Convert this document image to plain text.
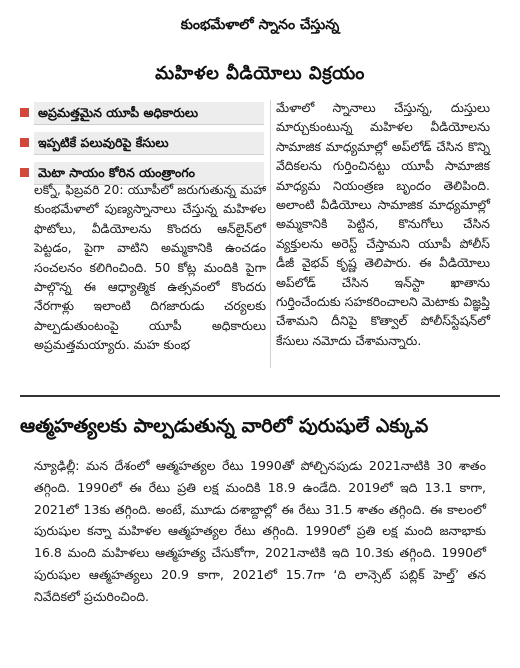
కుంభమేళాలో స్నానం చేస్తున్న
మహిళల వీడియోలు విక్రయం
అప్రమత్తమైన యూపీ అధికారులు
ఇప్పటికే పలువురిపై కేసులు
మెటా సాయం కోరిన యంత్రాంగం
లక్నో, ఫిబ్రవరి 20: యూపీలో జరుగుతున్న మహా కుంభమేళాలో పుణ్యస్నానాలు చేస్తున్న మహిళల ఫొటోలు, వీడియోలను కొందరు ఆన్‌లైన్‌లో పెట్టడం, పైగా వాటిని అమ్మకానికి ఉంచడం సంచలనం కలిగించింది. 50 కోట్ల మందికి పైగా పాల్గొన్న ఈ ఆధ్యాత్మిక ఉత్సవంలో కొందరు నేరగాళ్లు ఇలాంటి దిగజారుడు చర్యలకు పాల్పడుతుంటంపై యూపీ అధికారులు అప్రమత్తమయ్యారు. మహ కుంభ
మేళాలో స్నానాలు చేస్తున్న, దుస్తులు మార్చుకుంటున్న మహిళల వీడియోలను సామాజిక మాధ్యమాల్లో అప్‌లోడ్ చేసిన కొన్ని వేదికలను గుర్తించినట్టు యూపీ సామాజిక మాధ్యమ నియంత్రణ బృందం తెలిపింది. అలాంటి వీడియోలు సామాజిక మాధ్యమాల్లో అమ్మకానికి పెట్టిన, కొనుగోలు చేసిన వ్యక్తులను అరెస్ట్ చేస్తామని యూపీ పోలీస్ డీజీ వైభవ్ కృష్ణ తెలిపారు. ఈ వీడియోలు అప్‌లోడ్ చేసిన ఇన్‌స్టా ఖాతాను గుర్తించేందుకు సహకరించాలని మెటాకు విజ్ఞప్తి చేశామని దీనిపై కొత్వాల్ పోలీస్‌స్టేషన్‌లో కేసులు నమోదు చేశామన్నారు.
ఆత్మహత్యలకు పాల్పడుతున్న వారిలో పురుషులే ఎక్కువ
న్యూఢిల్లీ: మన దేశంలో ఆత్మహత్యల రేటు 1990తో పోల్చినపుడు 2021నాటికి 30 శాతం తగ్గింది. 1990లో ఈ రేటు ప్రతి లక్ష మందికి 18.9 ఉండేది. 2019లో ఇది 13.1 కాగా, 2021లో 13కు తగ్గింది. అంటే, మూడు దశాబ్దాల్లో ఈ రేటు 31.5 శాతం తగ్గింది. ఈ కాలంలో పురుషుల కన్నా మహిళల ఆత్మహత్యల రేటు తగ్గింది. 1990లో ప్రతి లక్ష మంది జనాభాకు 16.8 మంది మహిళలు ఆత్మహత్య చేసుకోగా, 2021నాటికి ఇది 10.3కు తగ్గింది. 1990లో పురుషుల ఆత్మహత్యలు 20.9 కాగా, 2021లో 15.7గా ‘ది లాన్సెట్ పబ్లిక్ హెల్త్’ తన నివేదికలో ప్రచురించింది.
